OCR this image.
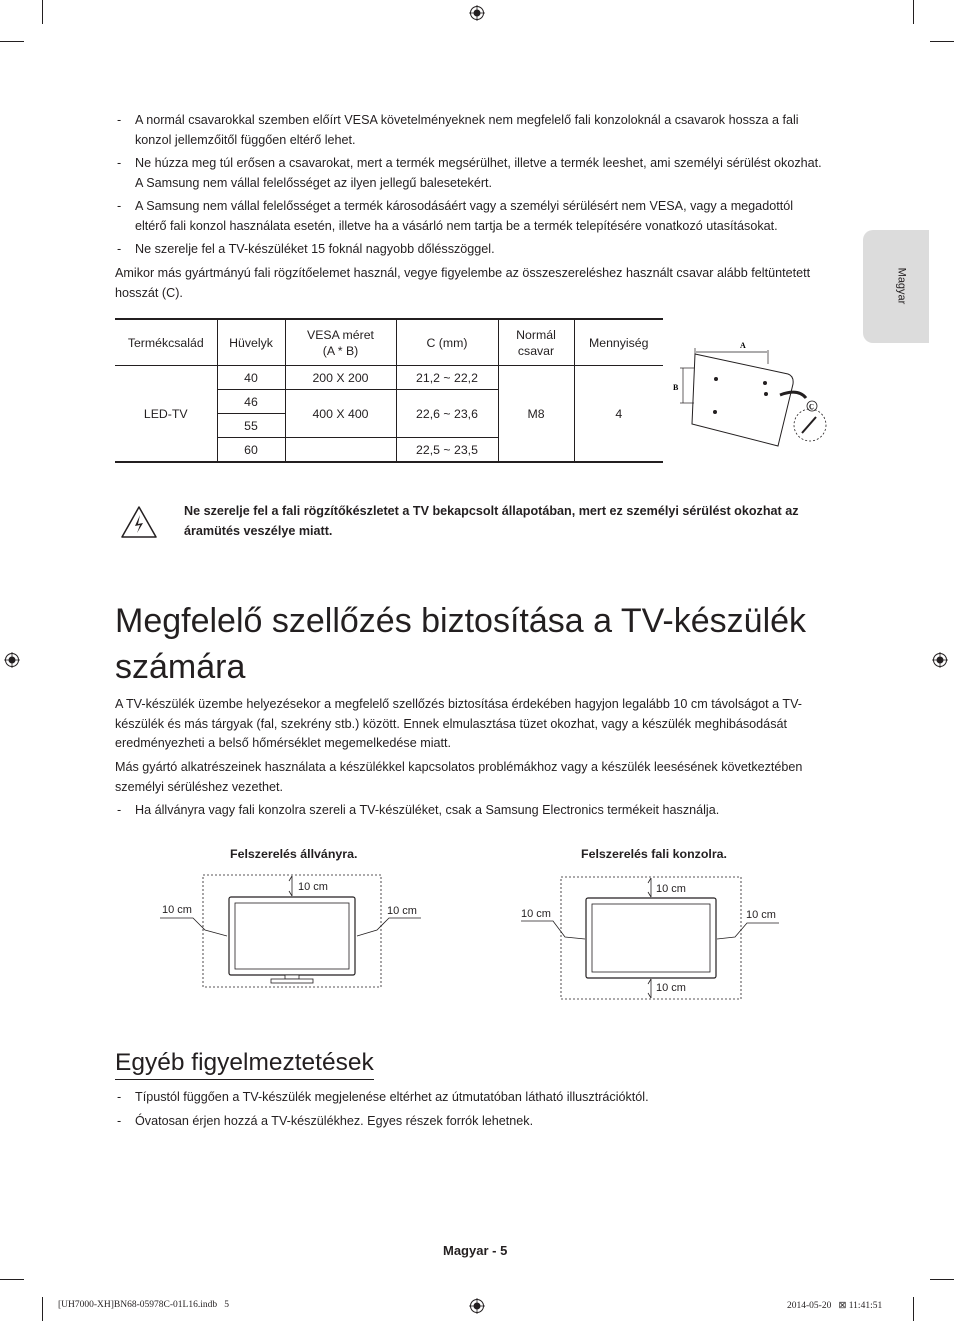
Magyar
- A normál csavarokkal szemben előírt VESA követelményeknek nem megfelelő fali konzoloknál a csavarok hossza a fali konzol jellemzőitől függően eltérő lehet.
- Ne húzza meg túl erősen a csavarokat, mert a termék megsérülhet, illetve a termék leeshet, ami személyi sérülést okozhat. A Samsung nem vállal felelősséget az ilyen jellegű balesetekért.
- A Samsung nem vállal felelősséget a termék károsodásáért vagy a személyi sérülésért nem VESA, vagy a megadottól eltérő fali konzol használata esetén, illetve ha a vásárló nem tartja be a termék telepítésére vonatkozó utasításokat.
- Ne szerelje fel a TV-készüléket 15 foknál nagyobb dőlésszöggel.
Amikor más gyártmányú fali rögzítőelemet használ, vegye figyelembe az összeszereléshez használt csavar alább feltüntetett hosszát (C).
Termékcsalád	Hüvelyk	VESA méret (A * B)	C (mm)	Normál csavar	Mennyiség
LED-TV	40	200 X 200	21,2 ~ 22,2	M8	4
	46	400 X 400	22,6 ~ 23,6		
	55				
	60		22,5 ~ 23,5		
A
B
C
Ne szerelje fel a fali rögzítőkészletet a TV bekapcsolt állapotában, mert ez személyi sérülést okozhat az áramütés veszélye miatt.
Megfelelő szellőzés biztosítása a TV-készülék számára
A TV-készülék üzembe helyezésekor a megfelelő szellőzés biztosítása érdekében hagyjon legalább 10 cm távolságot a TV-készülék és más tárgyak (fal, szekrény stb.) között. Ennek elmulasztása tüzet okozhat, vagy a készülék meghibásodását eredményezheti a belső hőmérséklet megemelkedése miatt.
Más gyártó alkatrészeinek használata a készülékkel kapcsolatos problémákhoz vagy a készülék leesésének következtében személyi sérüléshez vezethet.
- Ha állványra vagy fali konzolra szereli a TV-készüléket, csak a Samsung Electronics termékeit használja.
Felszerelés állványra.	Felszerelés fali konzolra.
10 cm
10 cm	10 cm
10 cm
10 cm
10 cm	10 cm
Egyéb figyelmeztetések
- Típustól függően a TV-készülék megjelenése eltérhet az útmutatóban látható illusztrációktól.
- Óvatosan érjen hozzá a TV-készülékhez. Egyes részek forrók lehetnek.
Magyar - 5
[UH7000-XH]BN68-05978C-01L16.indb   5	2014-05-20   ⊠ 11:41:51
